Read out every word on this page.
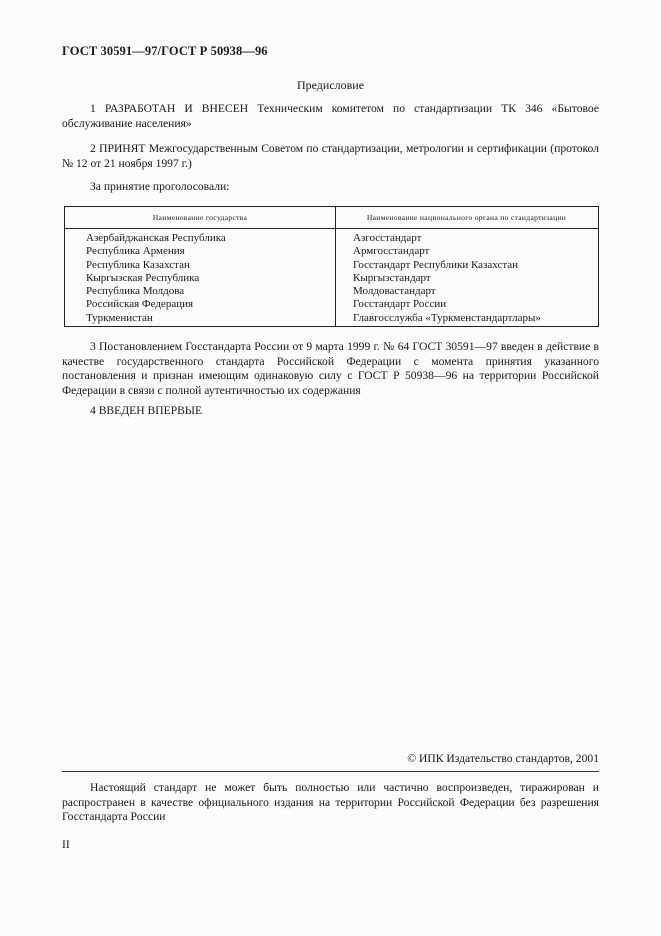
ГОСТ 30591—97/ГОСТ Р 50938—96
Предисловие

1 РАЗРАБОТАН И ВНЕСЕН Техническим комитетом по стандартизации ТК 346 «Бытовое обслуживание населения»

2 ПРИНЯТ Межгосударственным Советом по стандартизации, метрологии и сертификации (протокол № 12 от 21 ноября 1997 г.)

За принятие проголосовали:

Наименование государства	Наименование национального органа по стандартизации
Азербайджанская Республика	Азгосстандарт
Республика Армения	Армгосстандарт
Республика Казахстан	Госстандарт Республики Казахстан
Кыргызская Республика	Кыргызстандарт
Республика Молдова	Молдовастандарт
Российская Федерация	Госстандарт России
Туркменистан	Главгосслужба «Туркменстандартлары»

3 Постановлением Госстандарта России от 9 марта 1999 г. № 64 ГОСТ 30591—97 введен в действие в качестве государственного стандарта Российской Федерации с момента принятия указанного постановления и признан имеющим одинаковую силу с ГОСТ Р 50938—96 на территории Российской Федерации в связи с полной аутентичностью их содержания

4 ВВЕДЕН ВПЕРВЫЕ

© ИПК Издательство стандартов, 2001

Настоящий стандарт не может быть полностью или частично воспроизведен, тиражирован и распространен в качестве официального издания на территории Российской Федерации без разрешения Госстандарта России

II
